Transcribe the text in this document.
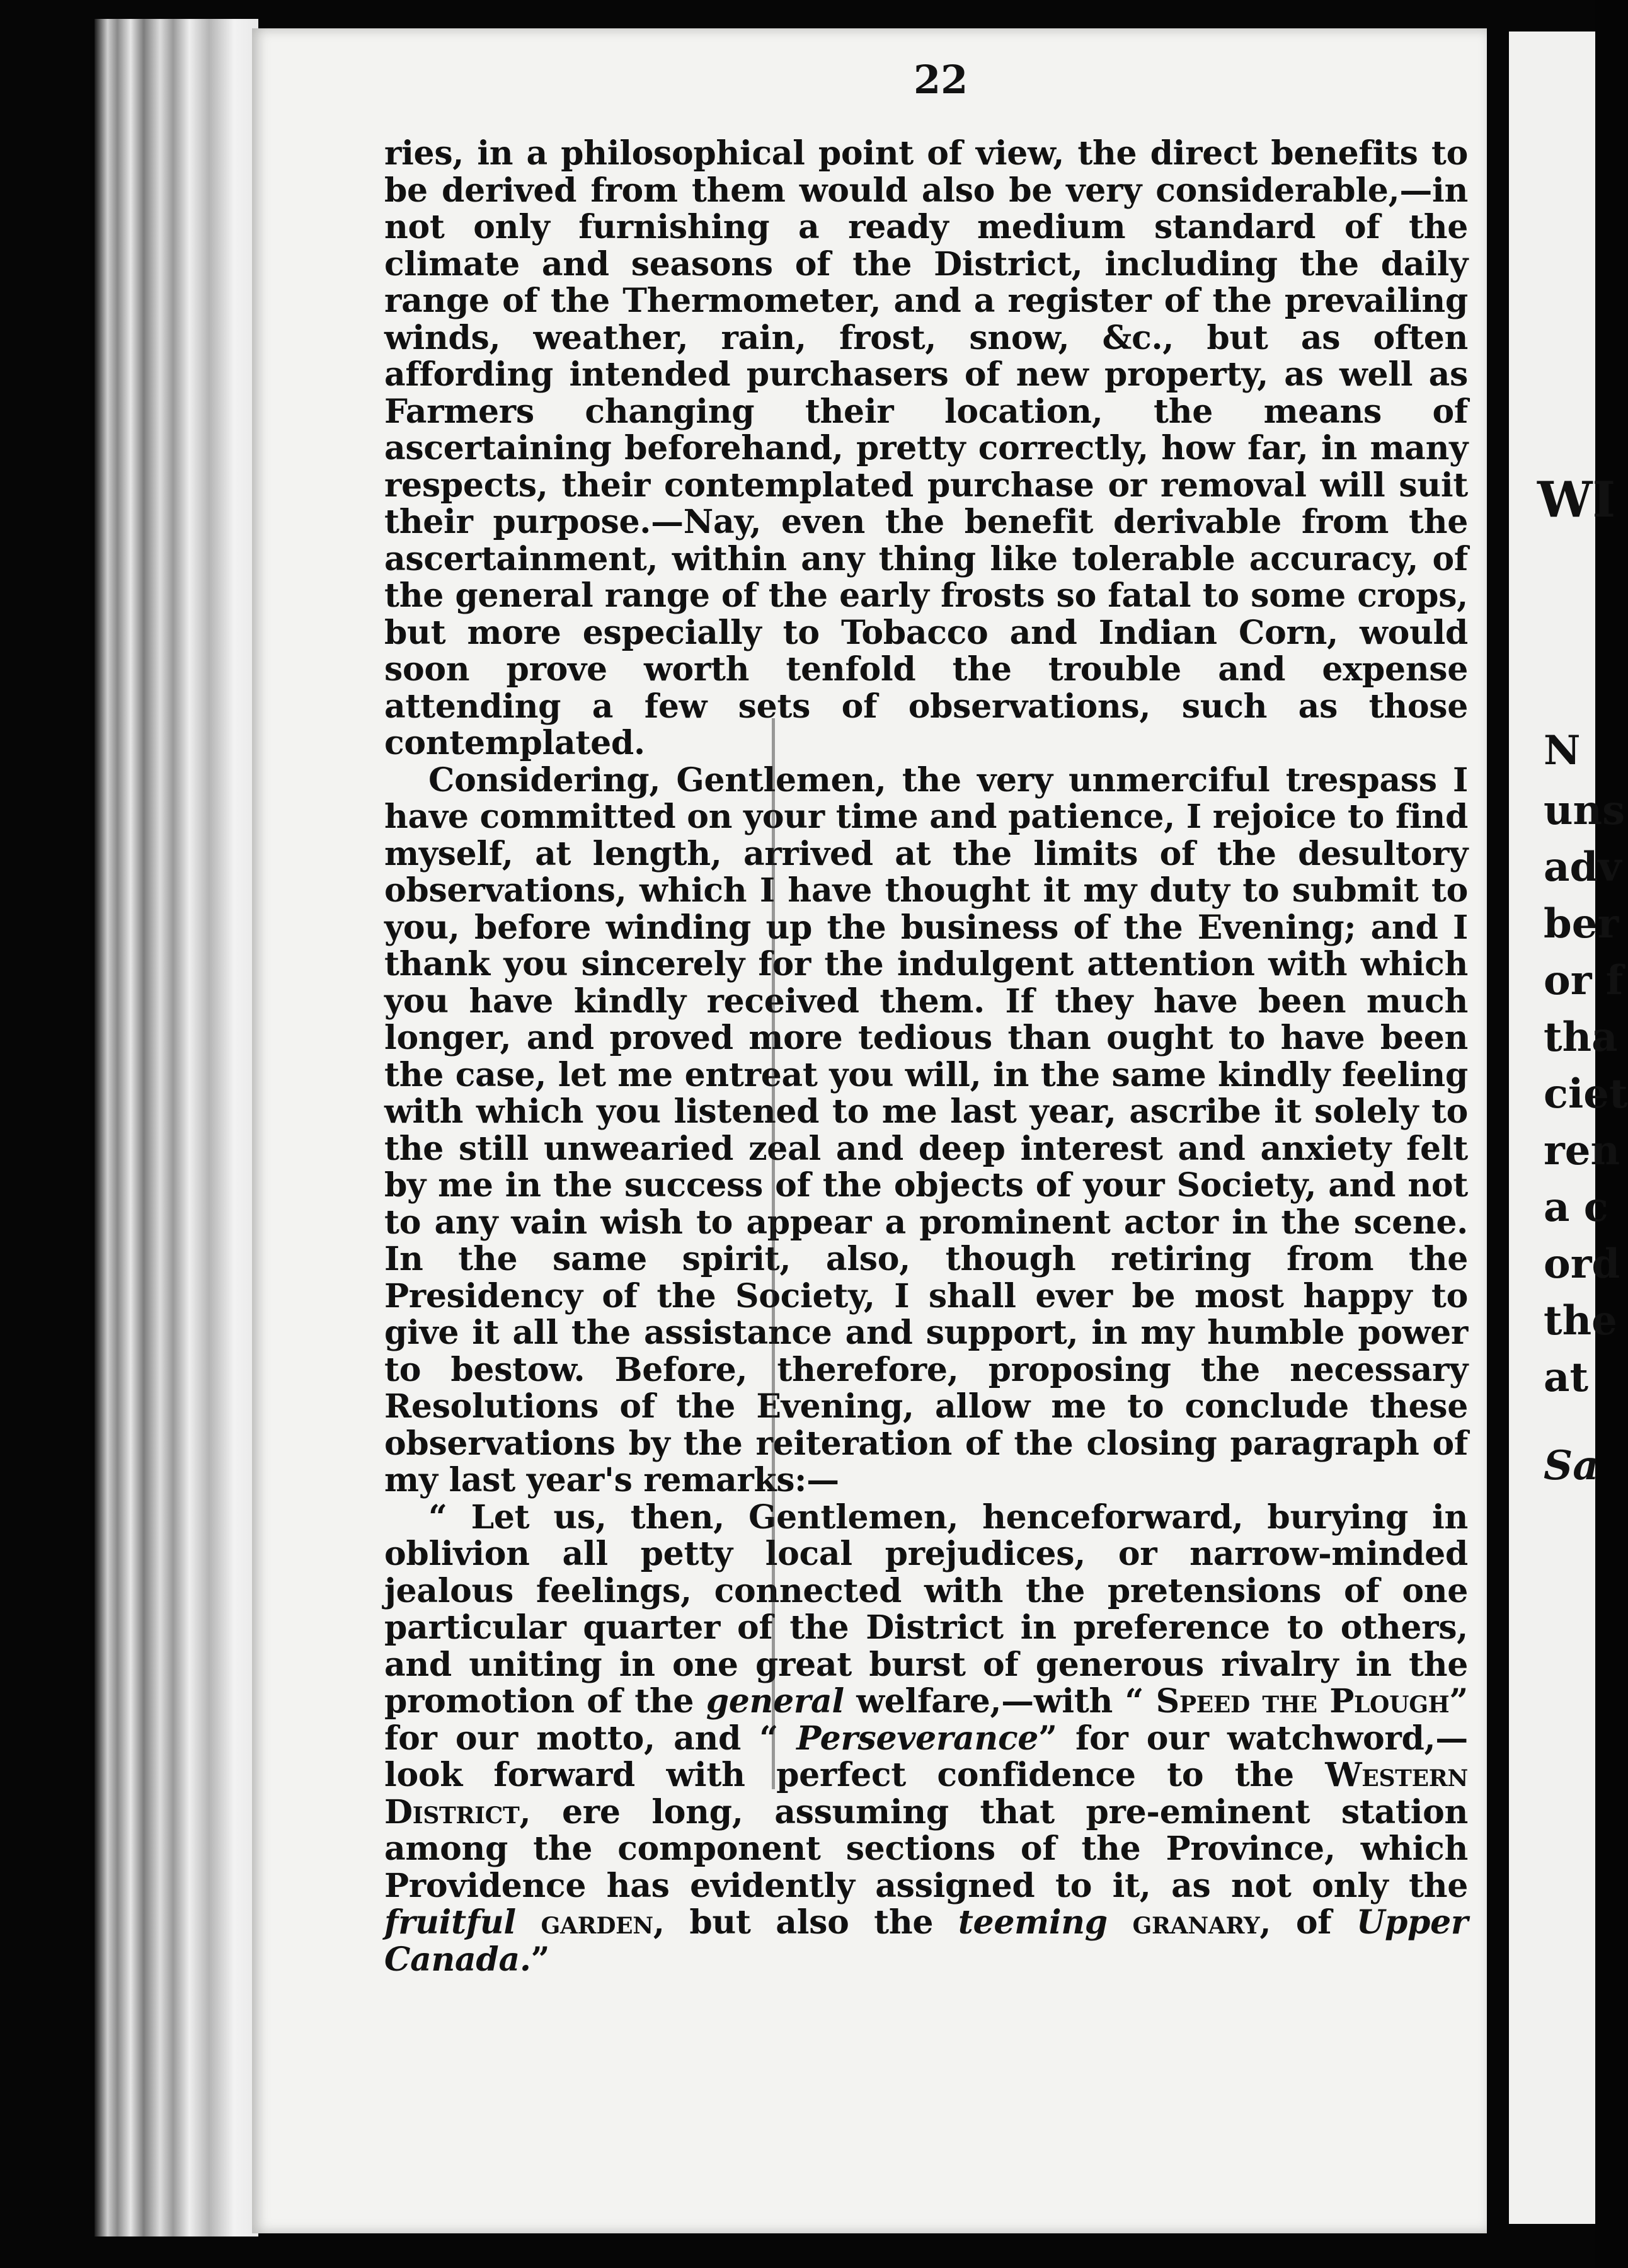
22

ries, in a philosophical point of view, the direct benefits to be derived from them would also be very considerable,—in not only furnishing a ready medium standard of the climate and seasons of the District, including the daily range of the Thermometer, and a register of the prevailing winds, weather, rain, frost, snow, &c., but as often affording intended purchasers of new property, as well as Farmers changing their location, the means of ascertaining beforehand, pretty correctly, how far, in many respects, their contemplated purchase or removal will suit their purpose.—Nay, even the benefit derivable from the ascertainment, within any thing like tolerable accuracy, of the general range of the early frosts so fatal to some crops, but more especially to Tobacco and Indian Corn, would soon prove worth tenfold the trouble and expense attending a few sets of observations, such as those contemplated.

Considering, Gentlemen, the very unmerciful trespass I have committed on your time and patience, I rejoice to find myself, at length, arrived at the limits of the desultory observations, which I have thought it my duty to submit to you, before winding up the business of the Evening; and I thank you sincerely for the indulgent attention with which you have kindly received them. If they have been much longer, and proved more tedious than ought to have been the case, let me entreat you will, in the same kindly feeling with which you listened to me last year, ascribe it solely to the still unwearied zeal and deep interest and anxiety felt by me in the success of the objects of your Society, and not to any vain wish to appear a prominent actor in the scene. In the same spirit, also, though retiring from the Presidency of the Society, I shall ever be most happy to give it all the assistance and support, in my humble power to bestow. Before, therefore, proposing the necessary Resolutions of the Evening, allow me to conclude these observations by the reiteration of the closing paragraph of my last year's remarks:—

“ Let us, then, Gentlemen, henceforward, burying in oblivion all petty local prejudices, or narrow-minded jealous feelings, connected with the pretensions of one particular quarter of the District in preference to others, and uniting in one great burst of generous rivalry in the promotion of the general welfare,—with “ Speed the Plough” for our motto, and “ Perseverance” for our watchword,—look forward with perfect confidence to the Western District, ere long, assuming that pre-eminent station among the component sections of the Province, which Providence has evidently assigned to it, as not only the fruitful garden, but also the teeming granary, of Upper Canada.”

WI
N
uns
adv
ber
or f
tha
ciet
ren
a c
ord
the
at
Sa
